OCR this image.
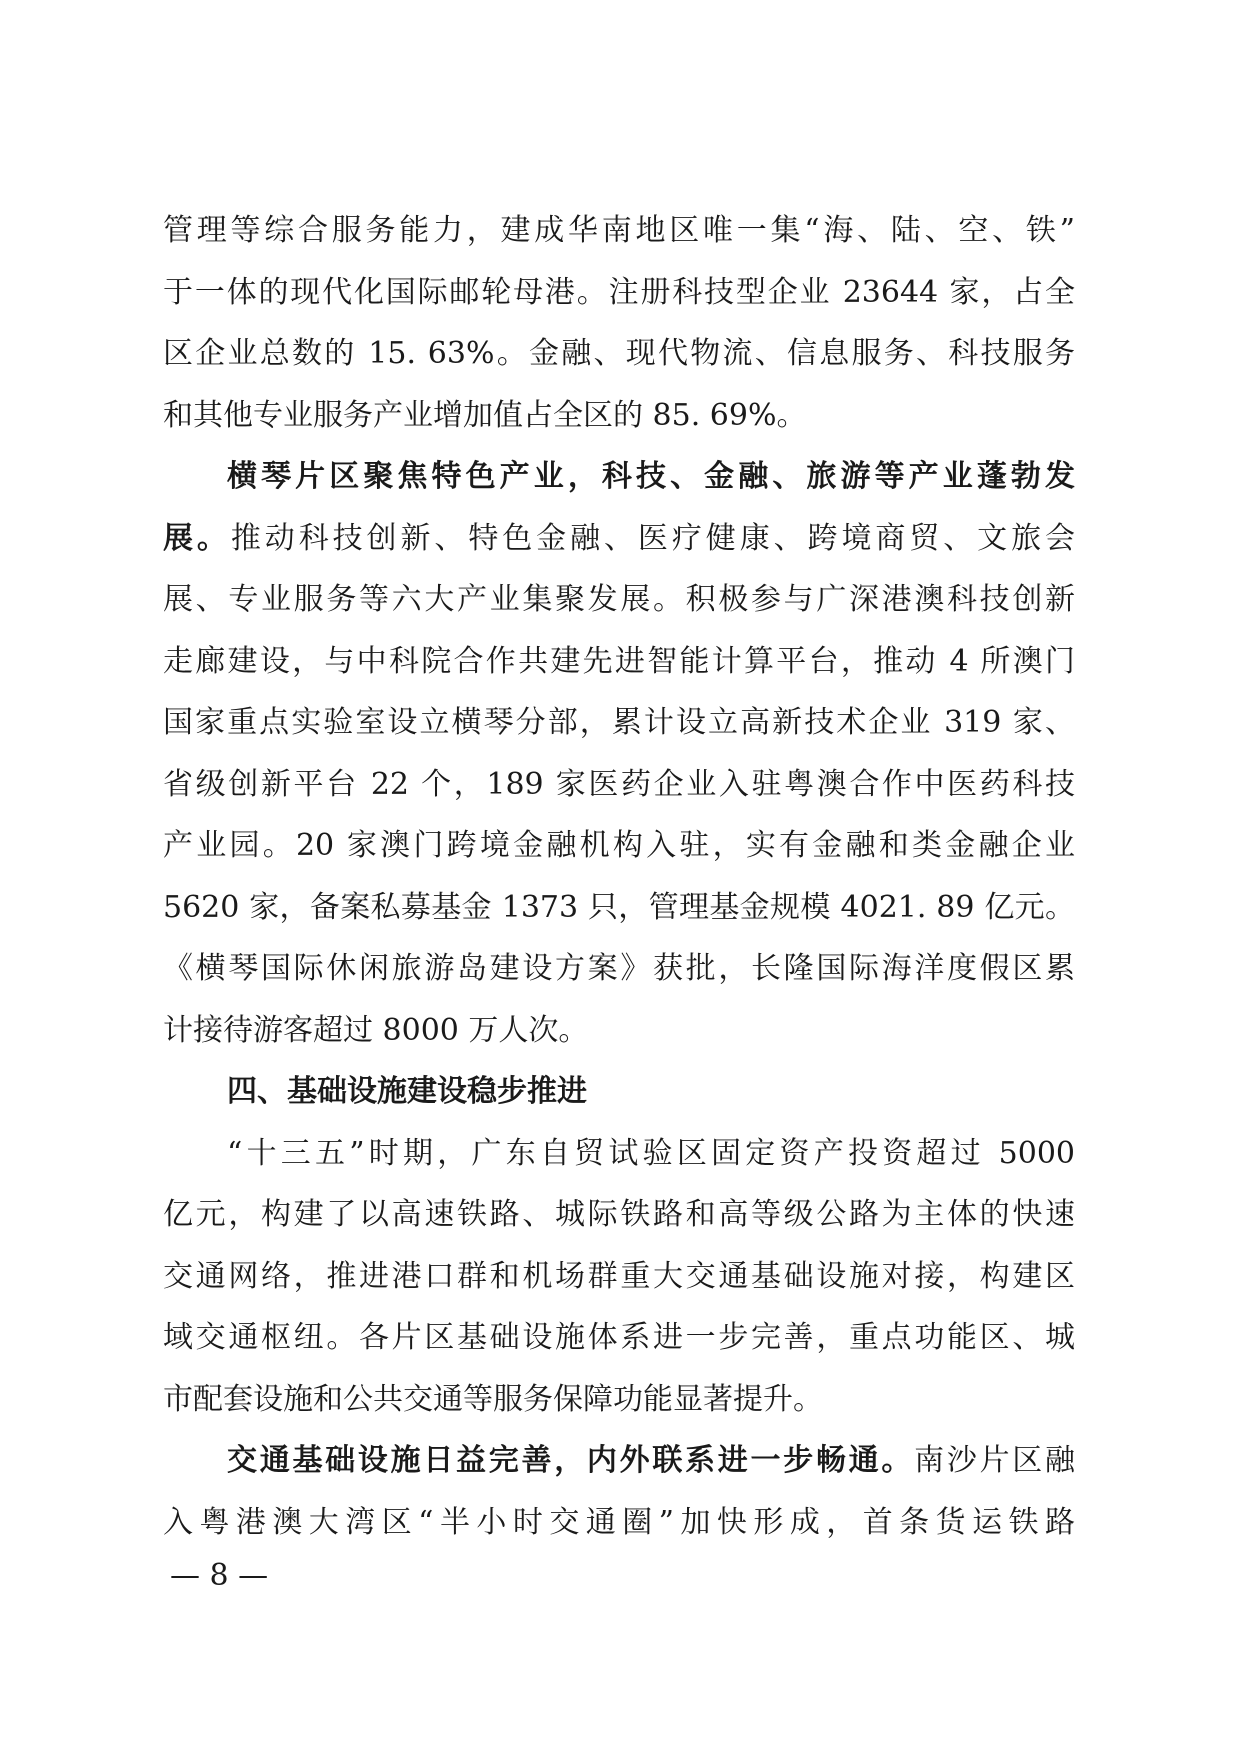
管理等综合服务能力，建成华南地区唯一集“海、陆、空、铁”
于一体的现代化国际邮轮母港。注册科技型企业 23644 家，占全
区企业总数的 15. 63%。金融、现代物流、信息服务、科技服务
和其他专业服务产业增加值占全区的 85. 69%。
横琴片区聚焦特色产业，科技、金融、旅游等产业蓬勃发
展。推动科技创新、特色金融、医疗健康、跨境商贸、文旅会
展、专业服务等六大产业集聚发展。积极参与广深港澳科技创新
走廊建设，与中科院合作共建先进智能计算平台，推动 4 所澳门
国家重点实验室设立横琴分部，累计设立高新技术企业 319 家、
省级创新平台 22 个，189 家医药企业入驻粤澳合作中医药科技
产业园。20 家澳门跨境金融机构入驻，实有金融和类金融企业
5620 家，备案私募基金 1373 只，管理基金规模 4021. 89 亿元。
《横琴国际休闲旅游岛建设方案》获批，长隆国际海洋度假区累
计接待游客超过 8000 万人次。
四、基础设施建设稳步推进
“十三五”时期，广东自贸试验区固定资产投资超过 5000
亿元，构建了以高速铁路、城际铁路和高等级公路为主体的快速
交通网络，推进港口群和机场群重大交通基础设施对接，构建区
域交通枢纽。各片区基础设施体系进一步完善，重点功能区、城
市配套设施和公共交通等服务保障功能显著提升。
交通基础设施日益完善，内外联系进一步畅通。南沙片区融
入粤港澳大湾区“半小时交通圈”加快形成，首条货运铁路
— 8 —
